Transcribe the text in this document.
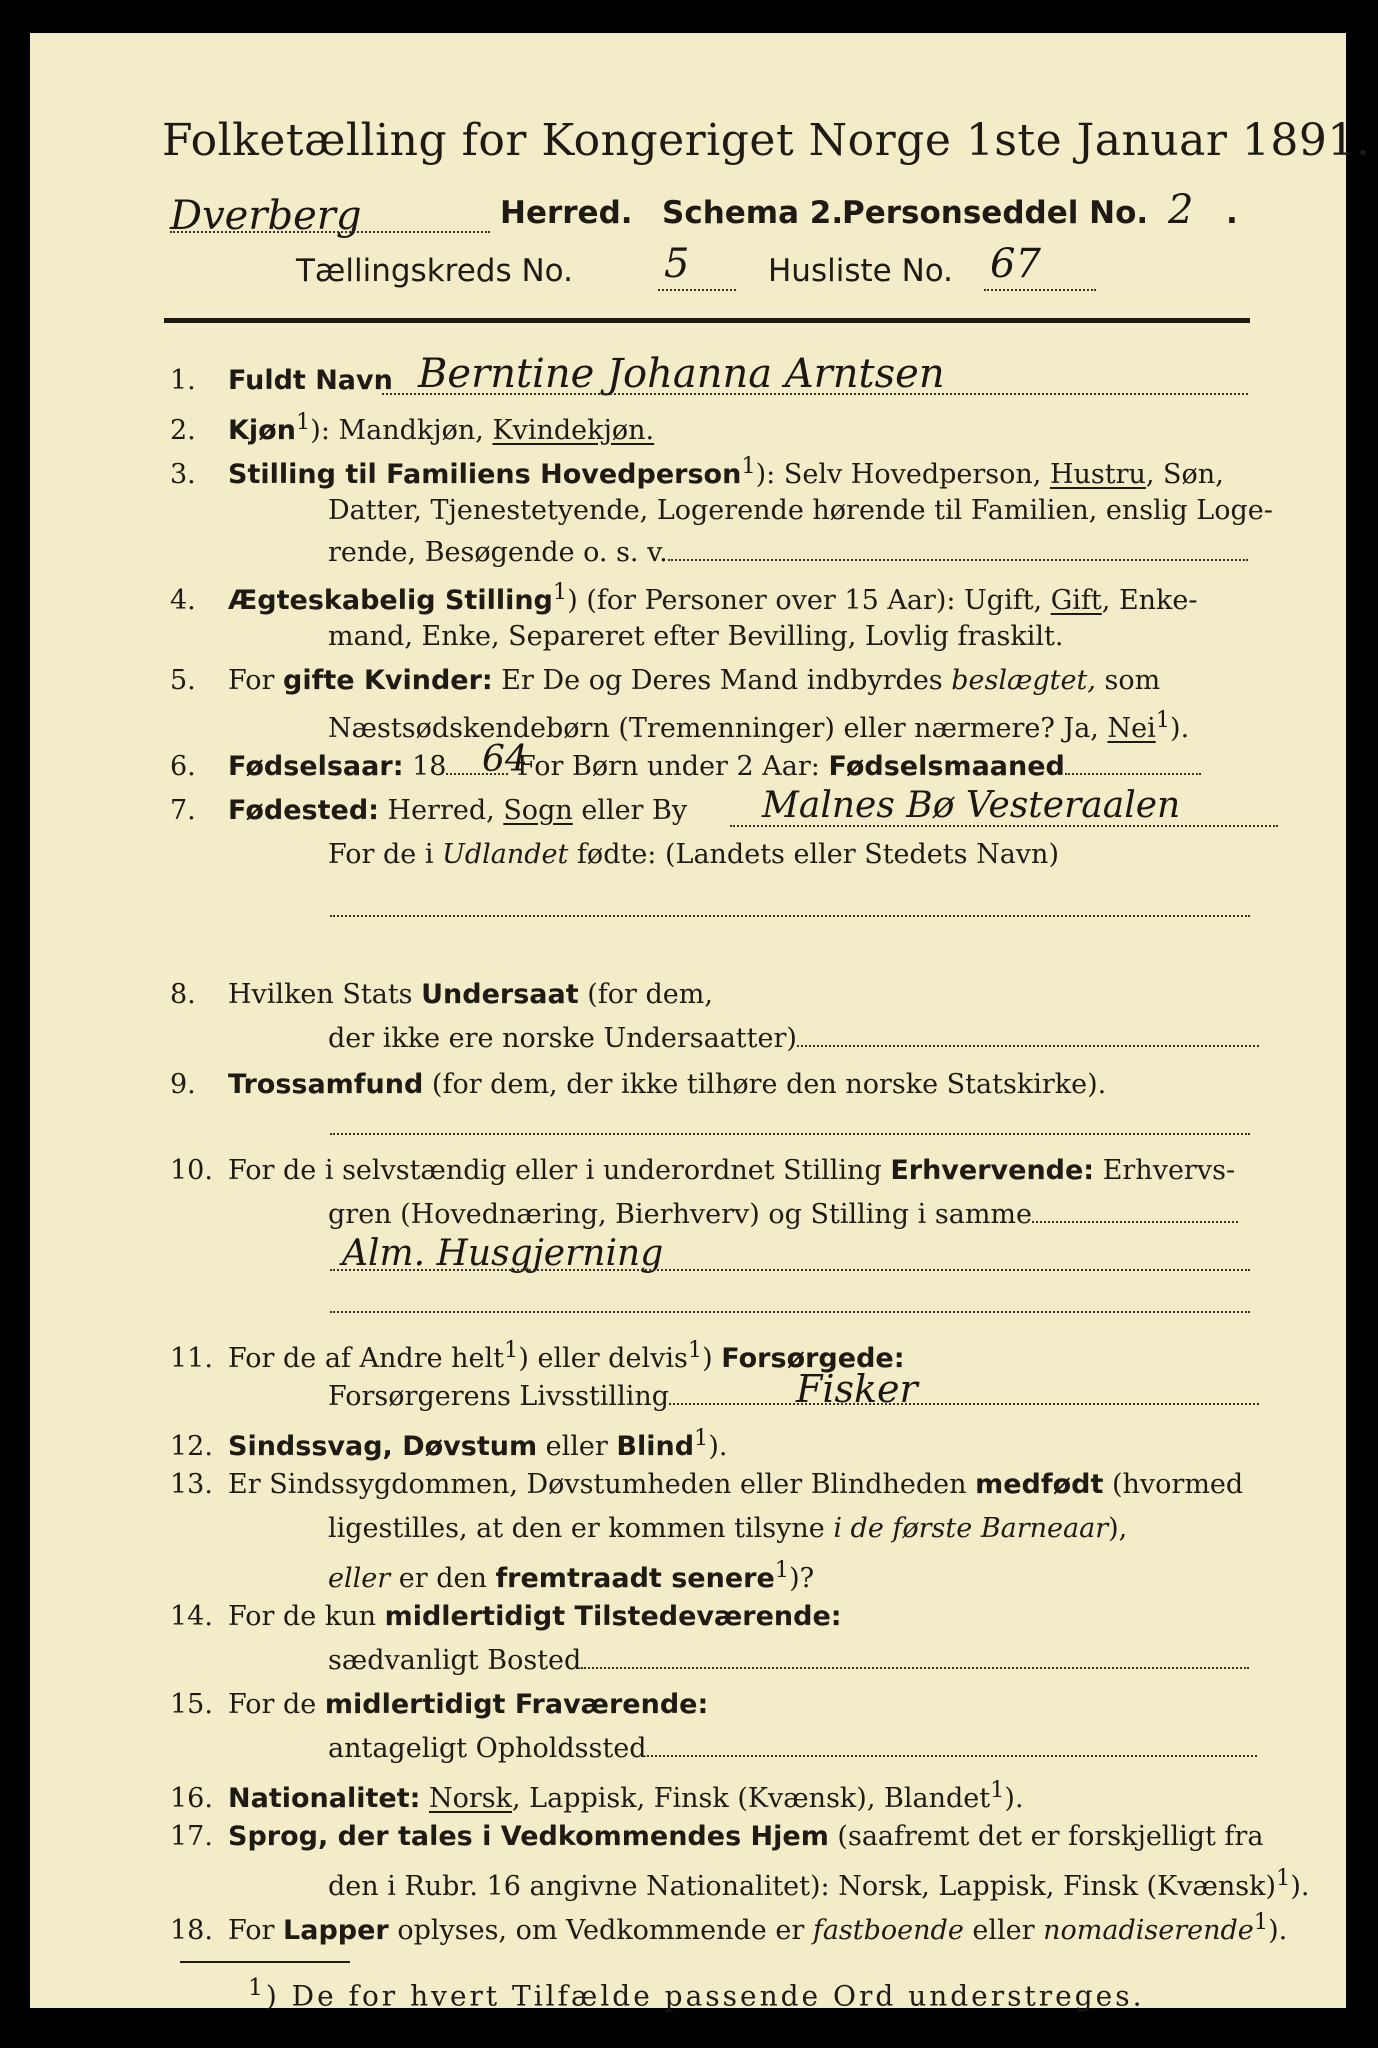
Folketælling for Kongeriget Norge 1ste Januar 1891.
Dverberg	Herred. Schema 2.
Personseddel No. 2 .
Tællingskreds No. 5	Husliste No. 67
1. Fuldt Navn Berntine Johanna Arntsen
2. Kjøn$^1$): Mandkjøn, Kvindekjøn.
3. Stilling til Familiens Hovedperson$^1$): Selv Hovedperson, Hustru, Søn,
Datter, Tjenestetyende, Logerende hørende til Familien, enslig Loge-
rende, Besøgende o. s. v.
4. Ægteskabelig Stilling$^1$) (for Personer over 15 Aar): Ugift, Gift, Enke-
mand, Enke, Separeret efter Bevilling, Lovlig fraskilt.
5. For gifte Kvinder: Er De og Deres Mand indbyrdes beslægtet, som
Næstsødskendebørn (Tremenninger) eller nærmere? Ja, Nei$^1$).
6. Fødselsaar: 18 For Børn under 2 Aar: Fødselsmaaned
64
7. Fødested: Herred, Sogn eller By Malnes Bø Vesteraalen
For de i Udlandet fødte: (Landets eller Stedets Navn)
8. Hvilken Stats Undersaat (for dem,
der ikke ere norske Undersaatter)
9. Trossamfund (for dem, der ikke tilhøre den norske Statskirke).
10. For de i selvstændig eller i underordnet Stilling Erhvervende: Erhvervs-
gren (Hovednæring, Bierhverv) og Stilling i samme
Alm. Husgjerning
11. For de af Andre helt$^1$) eller delvis$^1$) Forsørgede:
Forsørgerens Livsstilling	Fisker
12. Sindssvag, Døvstum eller Blind$^1$).
13. Er Sindssygdommen, Døvstumheden eller Blindheden medfødt (hvormed
ligestilles, at den er kommen tilsyne i de første Barneaar),
eller er den fremtraadt senere$^1$)?
14. For de kun midlertidigt Tilstedeværende:
sædvanligt Bosted
15. For de midlertidigt Fraværende:
antageligt Opholdssted
16. Nationalitet: Norsk, Lappisk, Finsk (Kvænsk), Blandet$^1$).
17. Sprog, der tales i Vedkommendes Hjem (saafremt det er forskjelligt fra
den i Rubr. 16 angivne Nationalitet): Norsk, Lappisk, Finsk (Kvænsk)$^1$).
18. For Lapper oplyses, om Vedkommende er fastboende eller nomadiserende$^1$).
$^1$) De for hvert Tilfælde passende Ord understreges.
